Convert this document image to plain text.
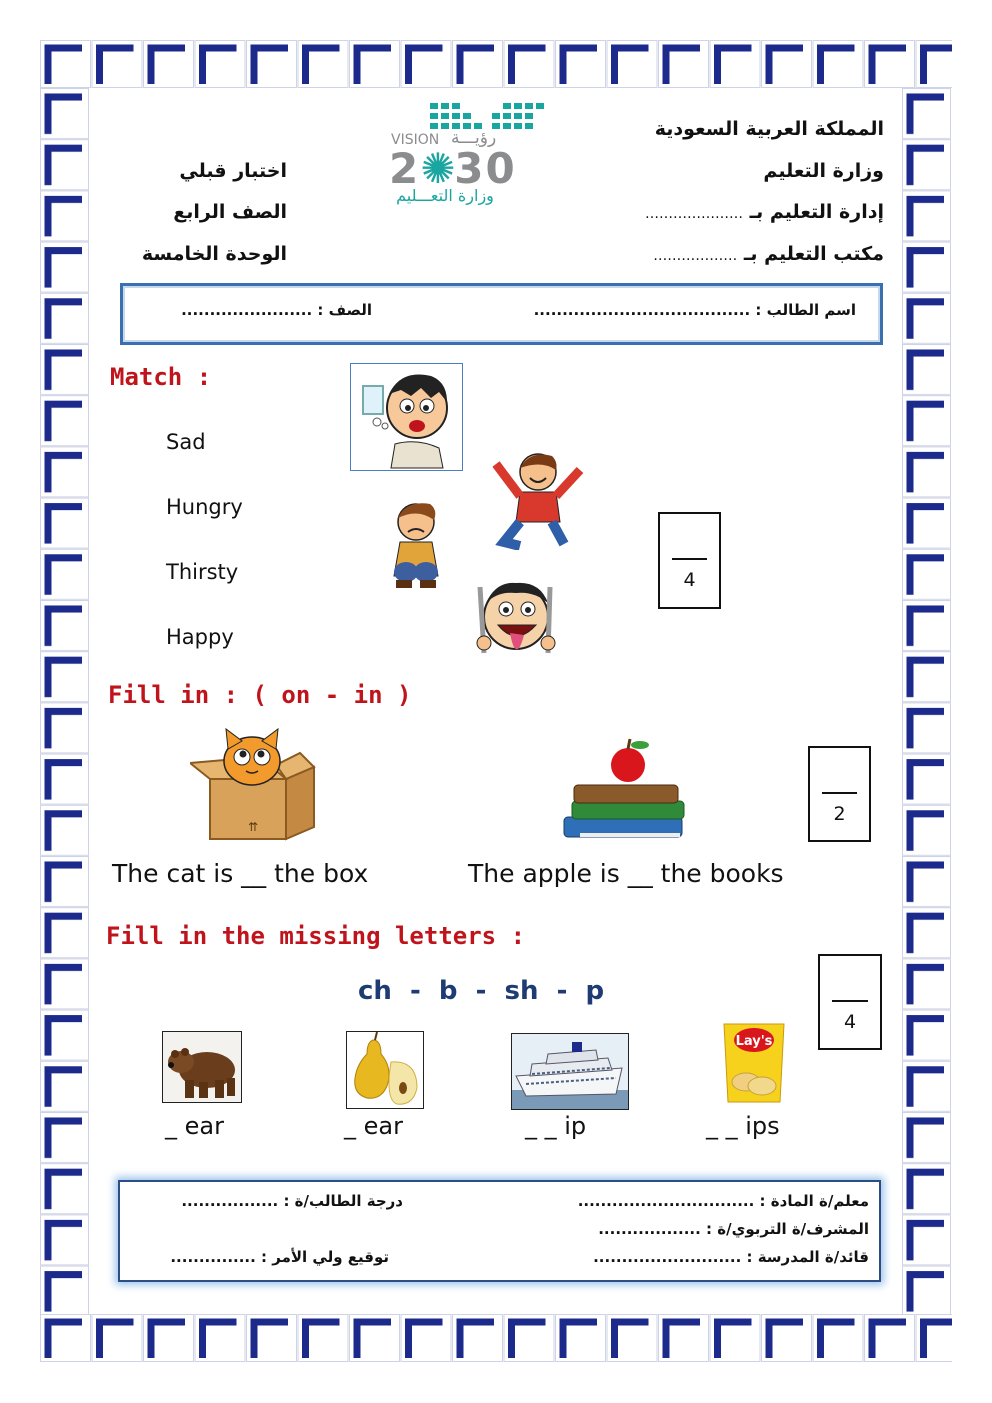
المملكة العربية السعودية
وزارة التعليم
إدارة التعليم بـ …………………
مكتب التعليم بـ ………………
اختبار قبلي
الصف الرابع
الوحدة الخامسة
VISION رؤيـــة
2✺30
وزارة التعـــليم
اسم الطالب : ......................................
الصف : .......................
Match :
Sad
Hungry
Thirsty
Happy
4
Fill in : ( on - in )
⇈
2
The cat is __ the box	The apple is __ the books
Fill in the missing letters :
ch  -  b  -  sh  -  p
4
Lay's
_ ear	_ ear	_ _ ip	_ _ ips
معلم/ة المادة : ...............................
المشرف/ة التربوي/ة : ..................
قائد/ة المدرسة : ..........................
درجة الطالب/ة : .................
توقيع ولي الأمر : ...............
